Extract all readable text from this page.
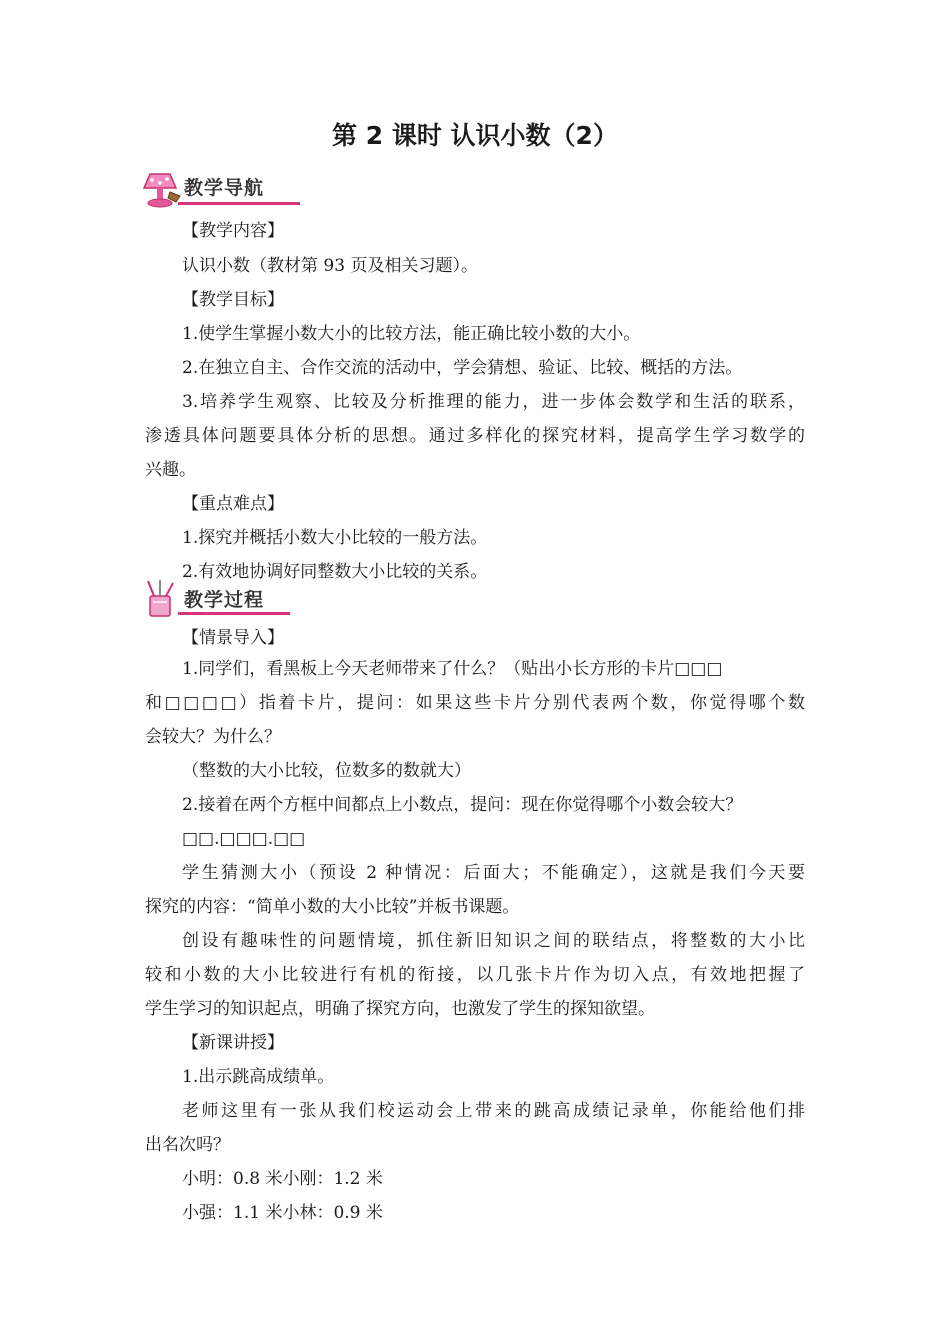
第 2 课时 认识小数（2）
教学导航
【教学内容】
认识小数（教材第 93 页及相关习题）。
【教学目标】
1.使学生掌握小数大小的比较方法，能正确比较小数的大小。
2.在独立自主、合作交流的活动中，学会猜想、验证、比较、概括的方法。
3.培养学生观察、比较及分析推理的能力，进一步体会数学和生活的联系，
渗透具体问题要具体分析的思想。通过多样化的探究材料，提高学生学习数学的
兴趣。
【重点难点】
1.探究并概括小数大小比较的一般方法。
2.有效地协调好同整数大小比较的关系。
教学过程
【情景导入】
1.同学们，看黑板上今天老师带来了什么？（贴出小长方形的卡片□□□
和□□□□）指着卡片，提问：如果这些卡片分别代表两个数，你觉得哪个数
会较大？为什么？
（整数的大小比较，位数多的数就大）
2.接着在两个方框中间都点上小数点，提问：现在你觉得哪个小数会较大？
□□.□□□.□□
学生猜测大小（预设 2 种情况：后面大；不能确定），这就是我们今天要
探究的内容：“简单小数的大小比较”并板书课题。
创设有趣味性的问题情境，抓住新旧知识之间的联结点，将整数的大小比
较和小数的大小比较进行有机的衔接，以几张卡片作为切入点，有效地把握了
学生学习的知识起点，明确了探究方向，也激发了学生的探知欲望。
【新课讲授】
1.出示跳高成绩单。
老师这里有一张从我们校运动会上带来的跳高成绩记录单，你能给他们排
出名次吗？
小明：0.8 米小刚：1.2 米
小强：1.1 米小林：0.9 米
